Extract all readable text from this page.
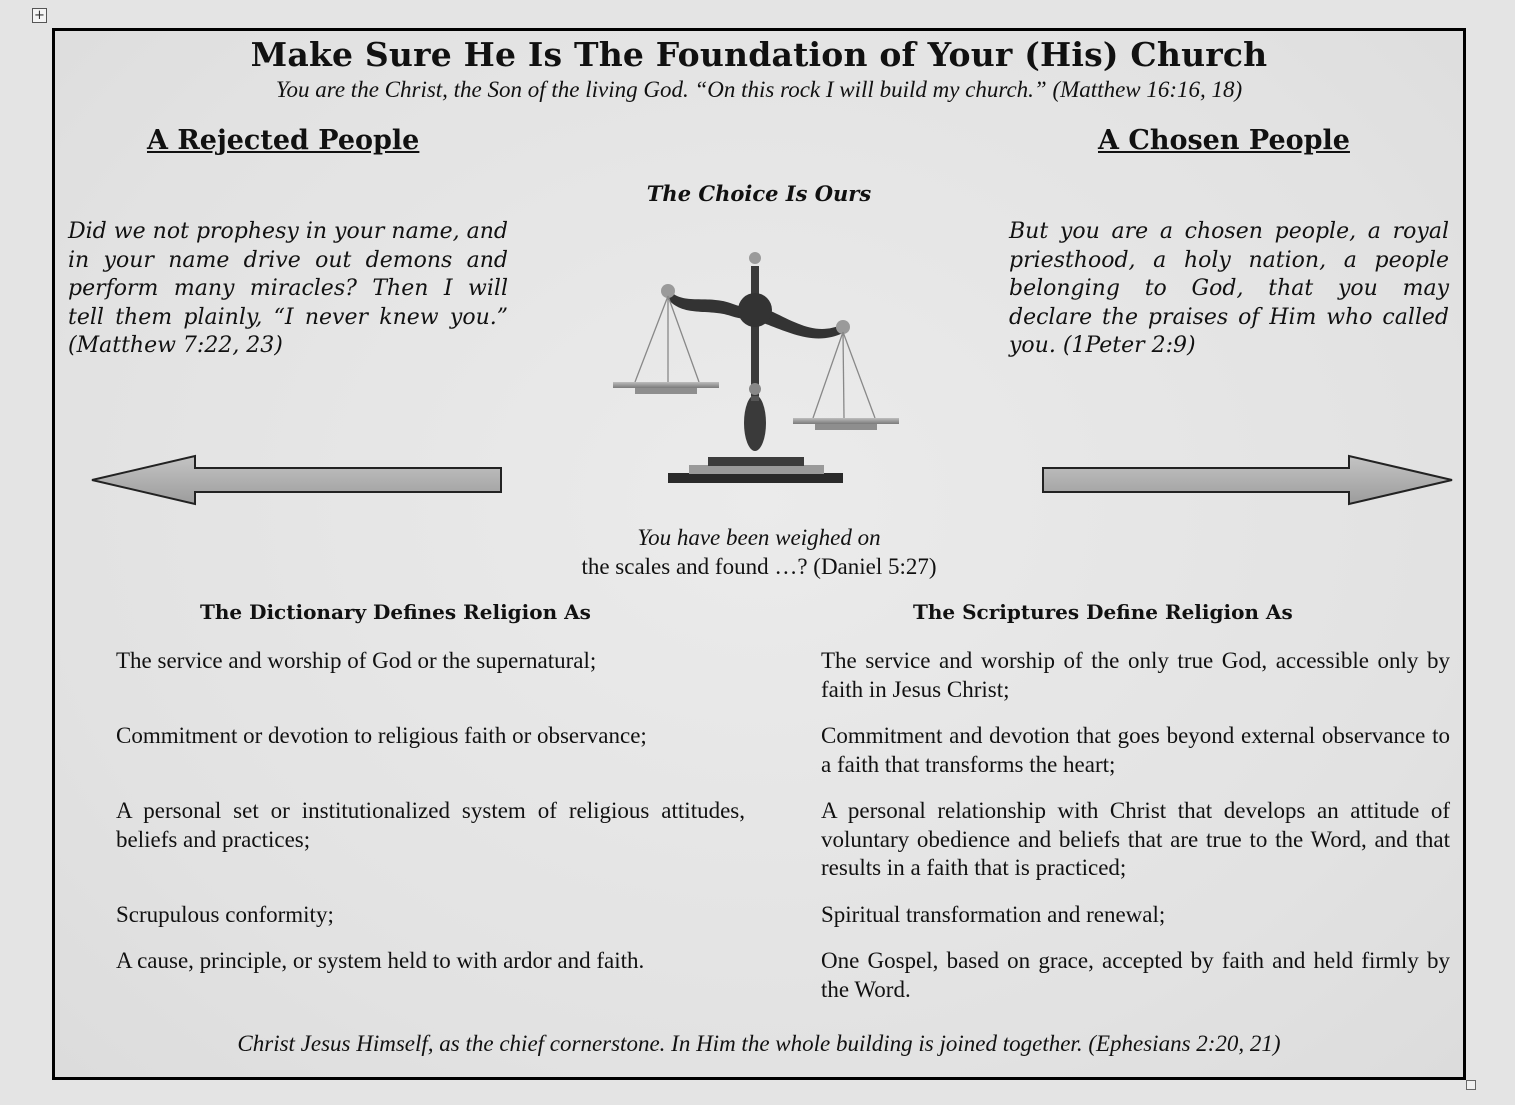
+
Make Sure He Is The Foundation of Your (His) Church
You are the Christ, the Son of the living God. “On this rock I will build my church.” (Matthew 16:16, 18)
A Rejected People	A Chosen People
The Choice Is Ours
Did we not prophesy in your name, and in your name drive out demons and perform many miracles? Then I will tell them plainly, “I never knew you.” (Matthew 7:22, 23)
But you are a chosen people, a royal priesthood, a holy nation, a people belonging to God, that you may declare the praises of Him who called you. (1Peter 2:9)
You have been weighed on
the scales and found …? (Daniel 5:27)
The Dictionary Defines Religion As	The Scriptures Define Religion As
The service and worship of God or the supernatural;
Commitment or devotion to religious faith or observance;
A personal set or institutionalized system of religious attitudes, beliefs and practices;
Scrupulous conformity;
A cause, principle, or system held to with ardor and faith.
The service and worship of the only true God, accessible only by faith in Jesus Christ;
Commitment and devotion that goes beyond external observance to a faith that transforms the heart;
A personal relationship with Christ that develops an attitude of voluntary obedience and beliefs that are true to the Word, and that results in a faith that is practiced;
Spiritual transformation and renewal;
One Gospel, based on grace, accepted by faith and held firmly by the Word.
Christ Jesus Himself, as the chief cornerstone. In Him the whole building is joined together. (Ephesians 2:20, 21)
